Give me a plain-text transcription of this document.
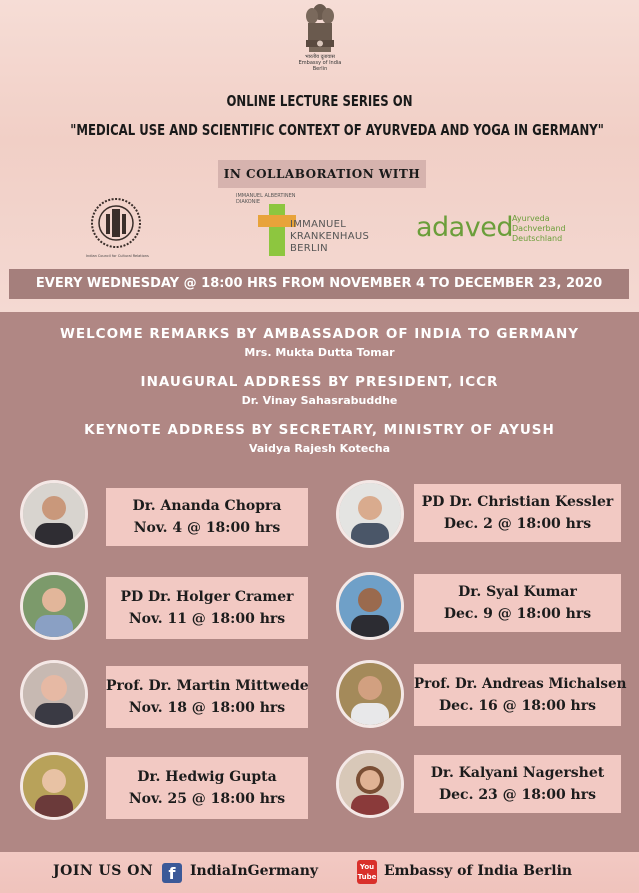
भारतीय दूतावास
Embassy of India
Berlin
ONLINE LECTURE SERIES ON
"MEDICAL USE AND SCIENTIFIC CONTEXT OF AYURVEDA AND YOGA IN GERMANY"
IN COLLABORATION WITH
Indian Council for Cultural Relations
IMMANUEL ALBERTINEN DIAKONIE
IMMANUEL
KRANKENHAUS
BERLIN
adaved Ayurveda
Dachverband
Deutschland
EVERY WEDNESDAY @ 18:00 HRS FROM NOVEMBER 4 TO DECEMBER 23, 2020
WELCOME REMARKS BY AMBASSADOR OF INDIA TO GERMANY
Mrs. Mukta Dutta Tomar
INAUGURAL ADDRESS BY PRESIDENT, ICCR
Dr. Vinay Sahasrabuddhe
KEYNOTE ADDRESS BY SECRETARY, MINISTRY OF AYUSH
Vaidya Rajesh Kotecha
Dr. Ananda Chopra
Nov. 4 @ 18:00 hrs
PD Dr. Holger Cramer
Nov. 11 @ 18:00 hrs
Prof. Dr. Martin Mittwede
Nov. 18 @ 18:00 hrs
Dr. Hedwig Gupta
Nov. 25 @ 18:00 hrs
PD Dr. Christian Kessler
Dec. 2 @ 18:00 hrs
Dr. Syal Kumar
Dec. 9 @ 18:00 hrs
Prof. Dr. Andreas Michalsen
Dec. 16 @ 18:00 hrs
Dr. Kalyani Nagershet
Dec. 23 @ 18:00 hrs
JOIN US ON f	IndiaInGermany	You
Tube Embassy of India Berlin
